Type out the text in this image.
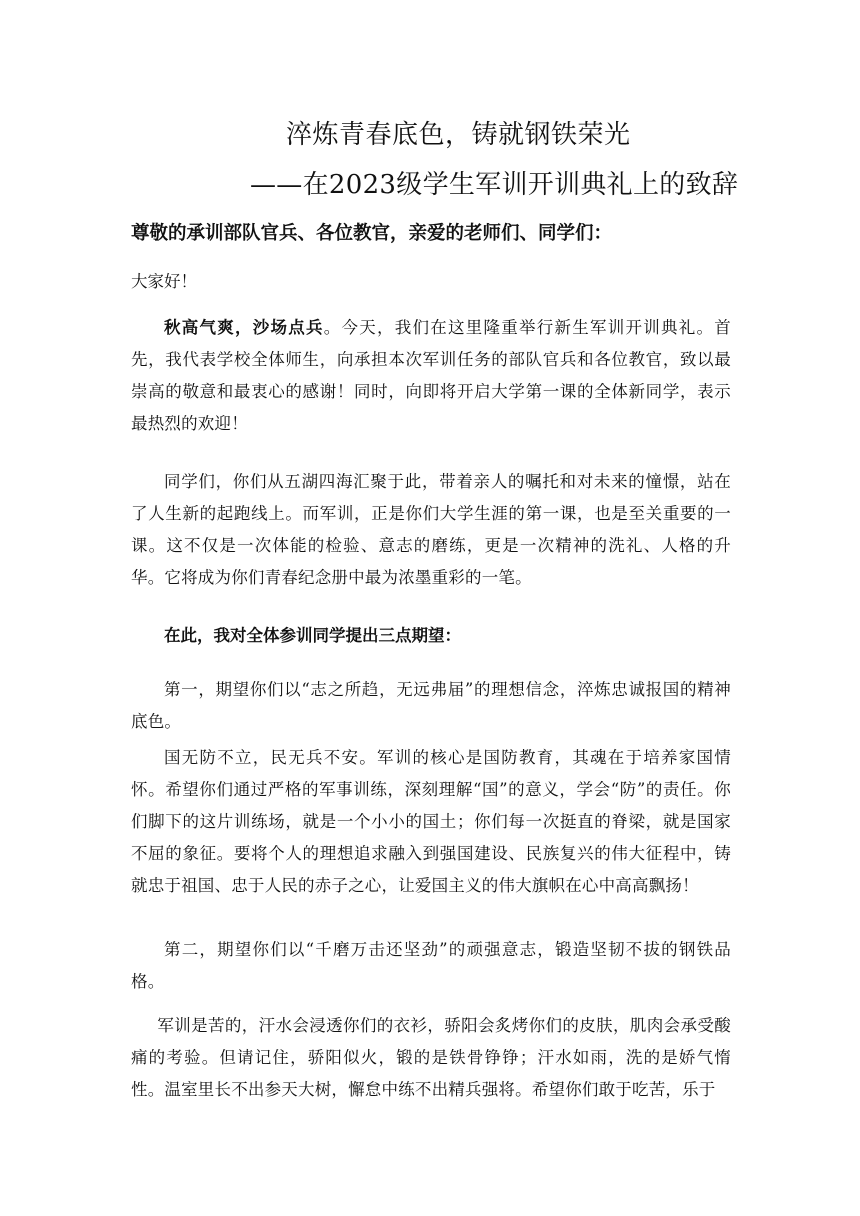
淬炼青春底色，铸就钢铁荣光
——在2023级学生军训开训典礼上的致辞
尊敬的承训部队官兵、各位教官，亲爱的老师们、同学们：
大家好！
秋高气爽，沙场点兵。今天，我们在这里隆重举行新生军训开训典礼。首先，我代表学校全体师生，向承担本次军训任务的部队官兵和各位教官，致以最崇高的敬意和最衷心的感谢！同时，向即将开启大学第一课的全体新同学，表示最热烈的欢迎！
同学们，你们从五湖四海汇聚于此，带着亲人的嘱托和对未来的憧憬，站在了人生新的起跑线上。而军训，正是你们大学生涯的第一课，也是至关重要的一课。这不仅是一次体能的检验、意志的磨练，更是一次精神的洗礼、人格的升华。它将成为你们青春纪念册中最为浓墨重彩的一笔。
在此，我对全体参训同学提出三点期望：
第一，期望你们以“志之所趋，无远弗届”的理想信念，淬炼忠诚报国的精神底色。
国无防不立，民无兵不安。军训的核心是国防教育，其魂在于培养家国情怀。希望你们通过严格的军事训练，深刻理解“国”的意义，学会“防”的责任。你们脚下的这片训练场，就是一个小小的国土；你们每一次挺直的脊梁，就是国家不屈的象征。要将个人的理想追求融入到强国建设、民族复兴的伟大征程中，铸就忠于祖国、忠于人民的赤子之心，让爱国主义的伟大旗帜在心中高高飘扬！
第二，期望你们以“千磨万击还坚劲”的顽强意志，锻造坚韧不拔的钢铁品格。
军训是苦的，汗水会浸透你们的衣衫，骄阳会炙烤你们的皮肤，肌肉会承受酸痛的考验。但请记住，骄阳似火，锻的是铁骨铮铮；汗水如雨，洗的是娇气惰性。温室里长不出参天大树，懈怠中练不出精兵强将。希望你们敢于吃苦，乐于
